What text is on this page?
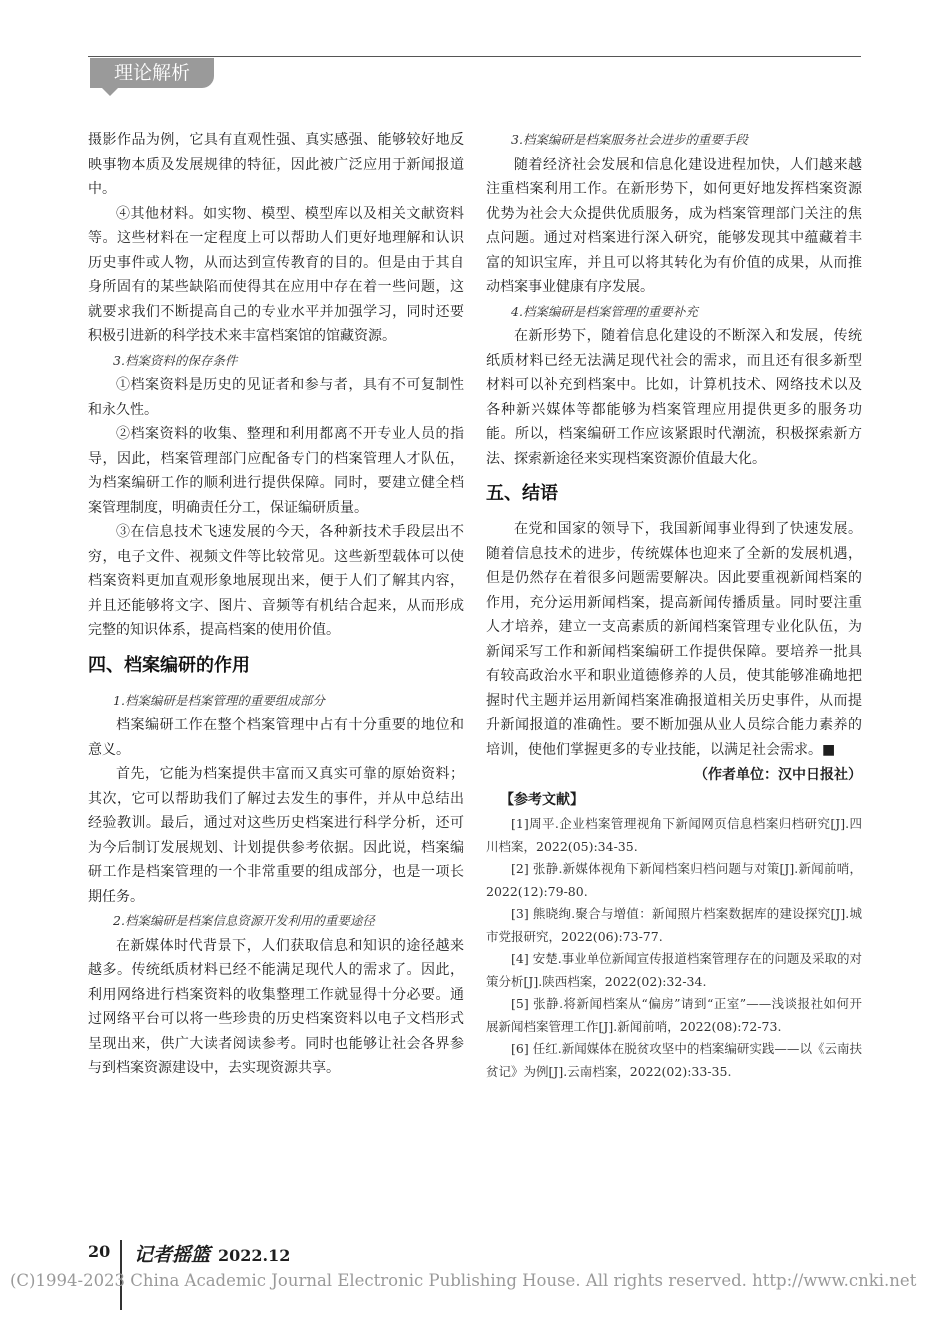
理论解析

摄影作品为例，它具有直观性强、真实感强、能够较好地反映事物本质及发展规律的特征，因此被广泛应用于新闻报道中。

④其他材料。如实物、模型、模型库以及相关文献资料等。这些材料在一定程度上可以帮助人们更好地理解和认识历史事件或人物，从而达到宣传教育的目的。但是由于其自身所固有的某些缺陷而使得其在应用中存在着一些问题，这就要求我们不断提高自己的专业水平并加强学习，同时还要积极引进新的科学技术来丰富档案馆的馆藏资源。

3.档案资料的保存条件

①档案资料是历史的见证者和参与者，具有不可复制性和永久性。

②档案资料的收集、整理和利用都离不开专业人员的指导，因此，档案管理部门应配备专门的档案管理人才队伍，为档案编研工作的顺利进行提供保障。同时，要建立健全档案管理制度，明确责任分工，保证编研质量。

③在信息技术飞速发展的今天，各种新技术手段层出不穷，电子文件、视频文件等比较常见。这些新型载体可以使档案资料更加直观形象地展现出来，便于人们了解其内容，并且还能够将文字、图片、音频等有机结合起来，从而形成完整的知识体系，提高档案的使用价值。

四、档案编研的作用

1.档案编研是档案管理的重要组成部分

档案编研工作在整个档案管理中占有十分重要的地位和意义。

首先，它能为档案提供丰富而又真实可靠的原始资料；其次，它可以帮助我们了解过去发生的事件，并从中总结出经验教训。最后，通过对这些历史档案进行科学分析，还可为今后制订发展规划、计划提供参考依据。因此说，档案编研工作是档案管理的一个非常重要的组成部分，也是一项长期任务。

2.档案编研是档案信息资源开发利用的重要途径

在新媒体时代背景下，人们获取信息和知识的途径越来越多。传统纸质材料已经不能满足现代人的需求了。因此，利用网络进行档案资料的收集整理工作就显得十分必要。通过网络平台可以将一些珍贵的历史档案资料以电子文档形式呈现出来，供广大读者阅读参考。同时也能够让社会各界参与到档案资源建设中，去实现资源共享。

3.档案编研是档案服务社会进步的重要手段

随着经济社会发展和信息化建设进程加快，人们越来越注重档案利用工作。在新形势下，如何更好地发挥档案资源优势为社会大众提供优质服务，成为档案管理部门关注的焦点问题。通过对档案进行深入研究，能够发现其中蕴藏着丰富的知识宝库，并且可以将其转化为有价值的成果，从而推动档案事业健康有序发展。

4.档案编研是档案管理的重要补充

在新形势下，随着信息化建设的不断深入和发展，传统纸质材料已经无法满足现代社会的需求，而且还有很多新型材料可以补充到档案中。比如，计算机技术、网络技术以及各种新兴媒体等都能够为档案管理应用提供更多的服务功能。所以，档案编研工作应该紧跟时代潮流，积极探索新方法、探索新途径来实现档案资源价值最大化。

五、结语

在党和国家的领导下，我国新闻事业得到了快速发展。随着信息技术的进步，传统媒体也迎来了全新的发展机遇，但是仍然存在着很多问题需要解决。因此要重视新闻档案的作用，充分运用新闻档案，提高新闻传播质量。同时要注重人才培养，建立一支高素质的新闻档案管理专业化队伍，为新闻采写工作和新闻档案编研工作提供保障。要培养一批具有较高政治水平和职业道德修养的人员，使其能够准确地把握时代主题并运用新闻档案准确报道相关历史事件，从而提升新闻报道的准确性。要不断加强从业人员综合能力素养的培训，使他们掌握更多的专业技能，以满足社会需求。■

（作者单位：汉中日报社）

【参考文献】

[1]周平.企业档案管理视角下新闻网页信息档案归档研究[J].四川档案，2022(05):34-35.

[2] 张静.新媒体视角下新闻档案归档问题与对策[J].新闻前哨，2022(12):79-80.

[3] 熊晓绚.聚合与增值：新闻照片档案数据库的建设探究[J].城市党报研究，2022(06):73-77.

[4] 安楚.事业单位新闻宣传报道档案管理存在的问题及采取的对策分析[J].陕西档案，2022(02):32-34.

[5] 张静.将新闻档案从“偏房”请到“正室”——浅谈报社如何开展新闻档案管理工作[J].新闻前哨，2022(08):72-73.

[6] 任红.新闻媒体在脱贫攻坚中的档案编研实践——以《云南扶贫记》为例[J].云南档案，2022(02):33-35.

20 记者摇篮 2022.12
(C)1994-2023 China Academic Journal Electronic Publishing House. All rights reserved. http://www.cnki.net
